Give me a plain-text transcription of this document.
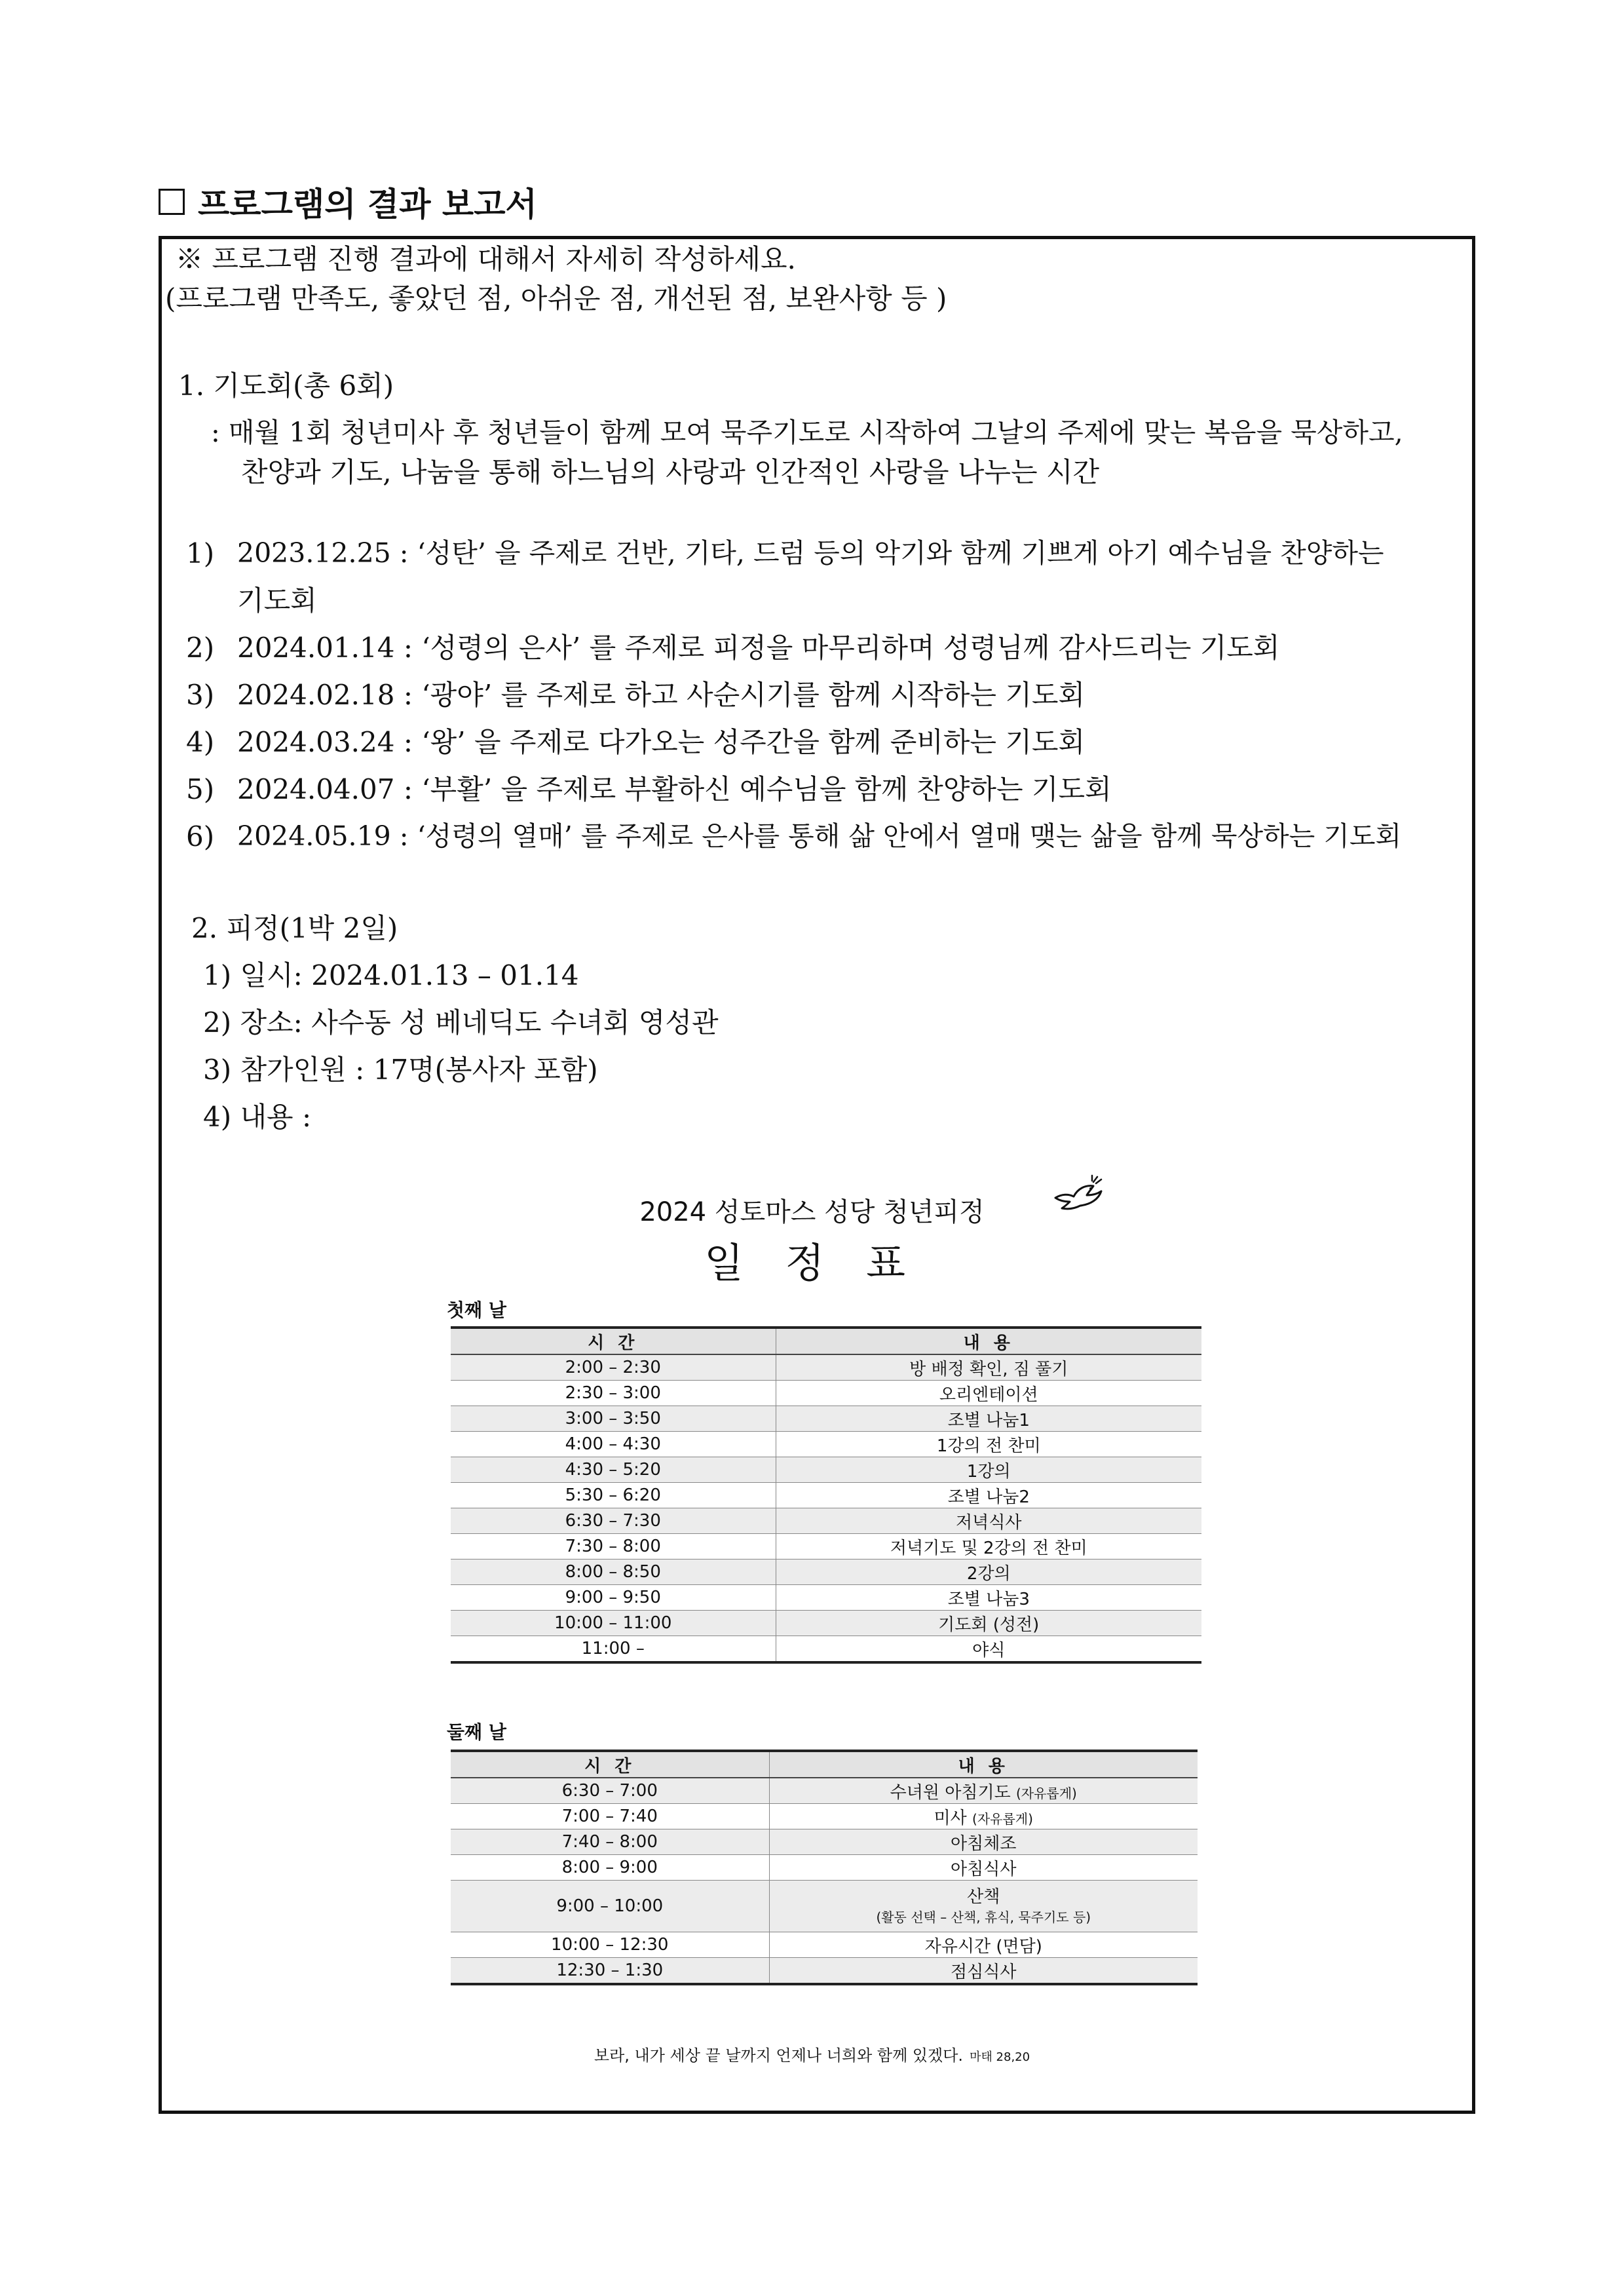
프로그램의 결과 보고서
※ 프로그램 진행 결과에 대해서 자세히 작성하세요.
(프로그램 만족도, 좋았던 점, 아쉬운 점, 개선된 점, 보완사항 등 )
1. 기도회(총 6회)
: 매월 1회 청년미사 후 청년들이 함께 모여 묵주기도로 시작하여 그날의 주제에 맞는 복음을 묵상하고,
찬양과 기도, 나눔을 통해 하느님의 사랑과 인간적인 사랑을 나누는 시간
1) 2023.12.25 : ‘성탄’ 을 주제로 건반, 기타, 드럼 등의 악기와 함께 기쁘게 아기 예수님을 찬양하는
기도회
2) 2024.01.14 : ‘성령의 은사’ 를 주제로 피정을 마무리하며 성령님께 감사드리는 기도회
3) 2024.02.18 : ‘광야’ 를 주제로 하고 사순시기를 함께 시작하는 기도회
4) 2024.03.24 : ‘왕’ 을 주제로 다가오는 성주간을 함께 준비하는 기도회
5) 2024.04.07 : ‘부활’ 을 주제로 부활하신 예수님을 함께 찬양하는 기도회
6) 2024.05.19 : ‘성령의 열매’ 를 주제로 은사를 통해 삶 안에서 열매 맺는 삶을 함께 묵상하는 기도회
2. 피정(1박 2일)
1) 일시: 2024.01.13 – 01.14
2) 장소: 사수동 성 베네딕도 수녀회 영성관
3) 참가인원 : 17명(봉사자 포함)
4) 내용 :
2024 성토마스 성당 청년피정
일 정 표
첫째 날
시 간	내 용
2:00 – 2:30	방 배정 확인, 짐 풀기
2:30 – 3:00	오리엔테이션
3:00 – 3:50	조별 나눔1
4:00 – 4:30	1강의 전 찬미
4:30 – 5:20	1강의
5:30 – 6:20	조별 나눔2
6:30 – 7:30	저녁식사
7:30 – 8:00	저녁기도 및 2강의 전 찬미
8:00 – 8:50	2강의
9:00 – 9:50	조별 나눔3
10:00 – 11:00	기도회 (성전)
11:00 –	야식
둘째 날
시 간	내 용
6:30 – 7:00	수녀원 아침기도 (자유롭게)
7:00 – 7:40	미사 (자유롭게)
7:40 – 8:00	아침체조
8:00 – 9:00	아침식사
9:00 – 10:00	산책
(활동 선택 – 산책, 휴식, 묵주기도 등)

10:00 – 12:30	자유시간 (면담)
12:30 – 1:30	점심식사
보라, 내가 세상 끝 날까지 언제나 너희와 함께 있겠다. 마태 28,20
